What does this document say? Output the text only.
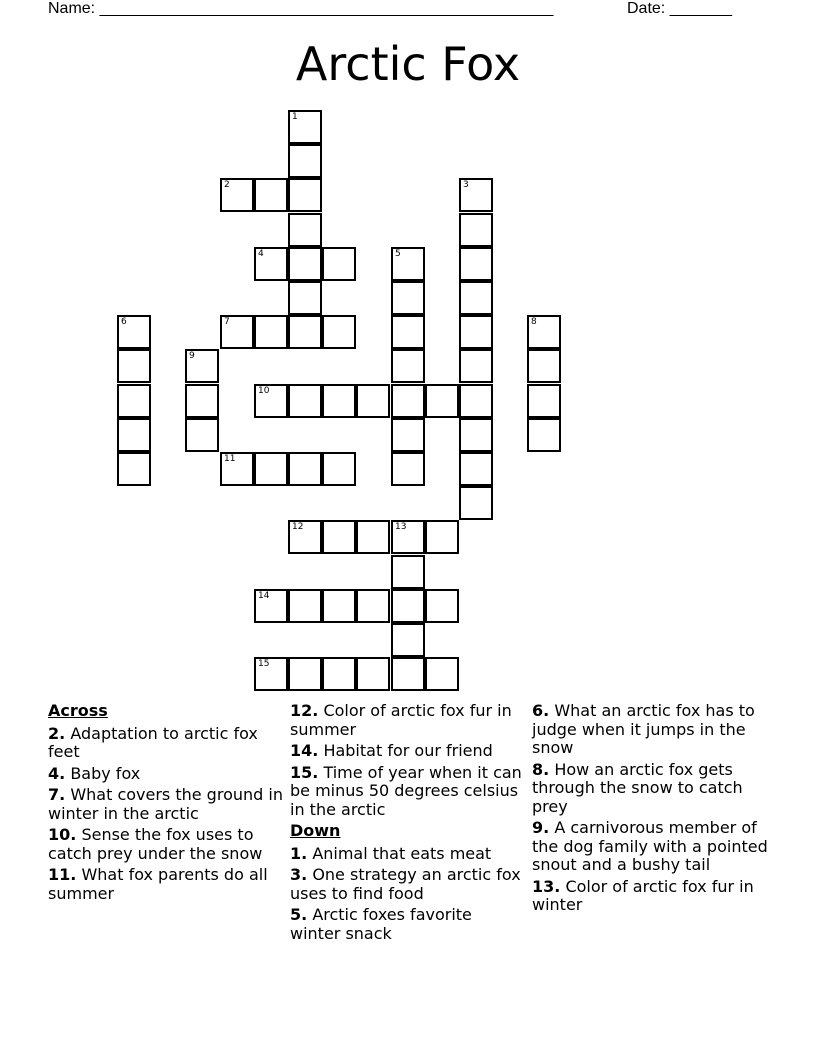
Name: ___________________________________________________	Date: _______
Arctic Fox
1
2	3
4	5
6	7	8
9
10
11
12	13
14
15
Across
2. Adaptation to arctic fox feet
4. Baby fox
7. What covers the ground in winter in the arctic
10. Sense the fox uses to catch prey under the snow
11. What fox parents do all summer
12. Color of arctic fox fur in summer
14. Habitat for our friend
15. Time of year when it can be minus 50 degrees celsius in the arctic
Down
1. Animal that eats meat
3. One strategy an arctic fox uses to find food
5. Arctic foxes favorite winter snack
6. What an arctic fox has to judge when it jumps in the snow
8. How an arctic fox gets through the snow to catch prey
9. A carnivorous member of the dog family with a pointed snout and a bushy tail
13. Color of arctic fox fur in winter
